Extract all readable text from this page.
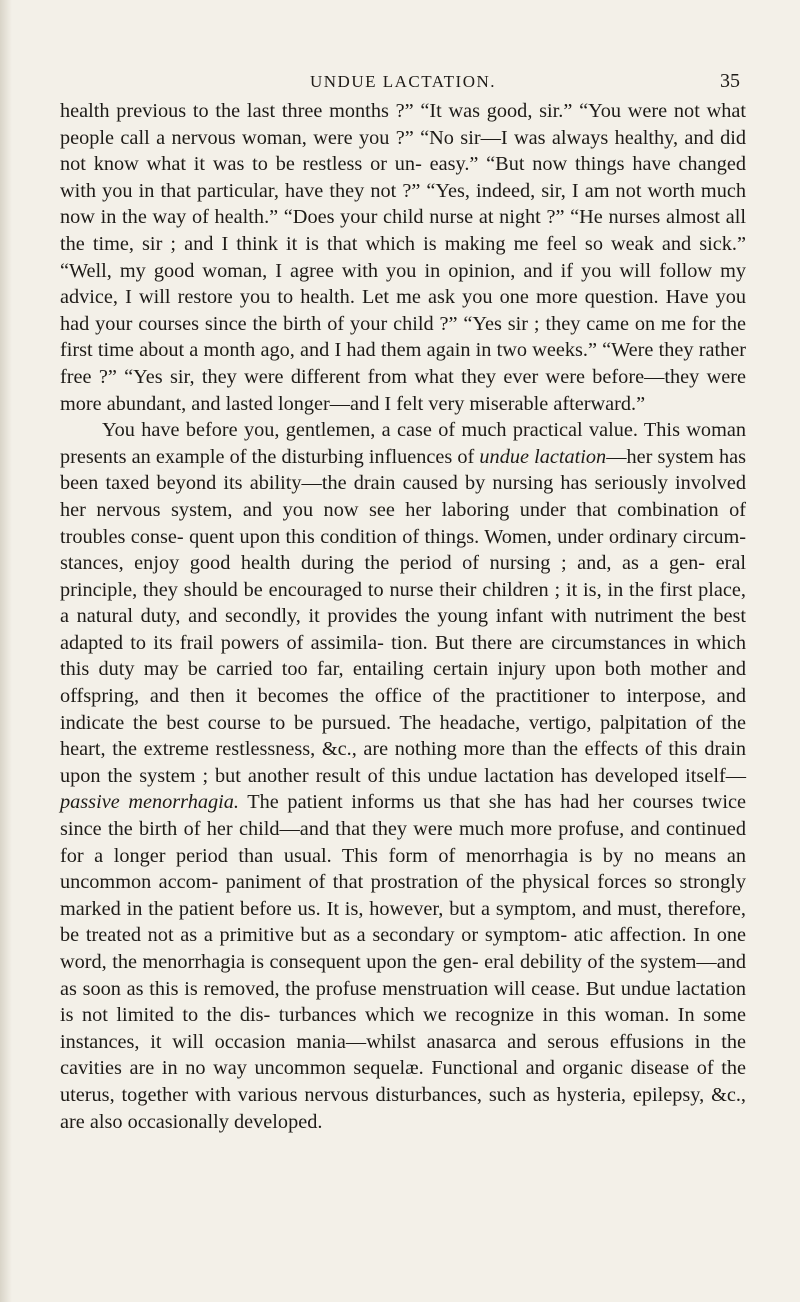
UNDUE LACTATION.	35

health previous to the last three months ?” “It was good, sir.” “You were not what people call a nervous woman, were you ?” “No sir—I was always healthy, and did not know what it was to be restless or un- easy.” “But now things have changed with you in that particular, have they not ?” “Yes, indeed, sir, I am not worth much now in the way of health.” “Does your child nurse at night ?” “He nurses almost all the time, sir ; and I think it is that which is making me feel so weak and sick.” “Well, my good woman, I agree with you in opinion, and if you will follow my advice, I will restore you to health. Let me ask you one more question. Have you had your courses since the birth of your child ?” “Yes sir ; they came on me for the first time about a month ago, and I had them again in two weeks.” “Were they rather free ?” “Yes sir, they were different from what they ever were before—they were more abundant, and lasted longer—and I felt very miserable afterward.”

You have before you, gentlemen, a case of much practical value. This woman presents an example of the disturbing influences of undue lactation—her system has been taxed beyond its ability—the drain caused by nursing has seriously involved her nervous system, and you now see her laboring under that combination of troubles conse- quent upon this condition of things. Women, under ordinary circum- stances, enjoy good health during the period of nursing ; and, as a gen- eral principle, they should be encouraged to nurse their children ; it is, in the first place, a natural duty, and secondly, it provides the young infant with nutriment the best adapted to its frail powers of assimila- tion. But there are circumstances in which this duty may be carried too far, entailing certain injury upon both mother and offspring, and then it becomes the office of the practitioner to interpose, and indicate the best course to be pursued. The headache, vertigo, palpitation of the heart, the extreme restlessness, &c., are nothing more than the effects of this drain upon the system ; but another result of this undue lactation has developed itself—passive menorrhagia. The patient informs us that she has had her courses twice since the birth of her child—and that they were much more profuse, and continued for a longer period than usual. This form of menorrhagia is by no means an uncommon accom- paniment of that prostration of the physical forces so strongly marked in the patient before us. It is, however, but a symptom, and must, therefore, be treated not as a primitive but as a secondary or symptom- atic affection. In one word, the menorrhagia is consequent upon the gen- eral debility of the system—and as soon as this is removed, the profuse menstruation will cease. But undue lactation is not limited to the dis- turbances which we recognize in this woman. In some instances, it will occasion mania—whilst anasarca and serous effusions in the cavities are in no way uncommon sequelæ. Functional and organic disease of the uterus, together with various nervous disturbances, such as hysteria, epilepsy, &c., are also occasionally developed.
